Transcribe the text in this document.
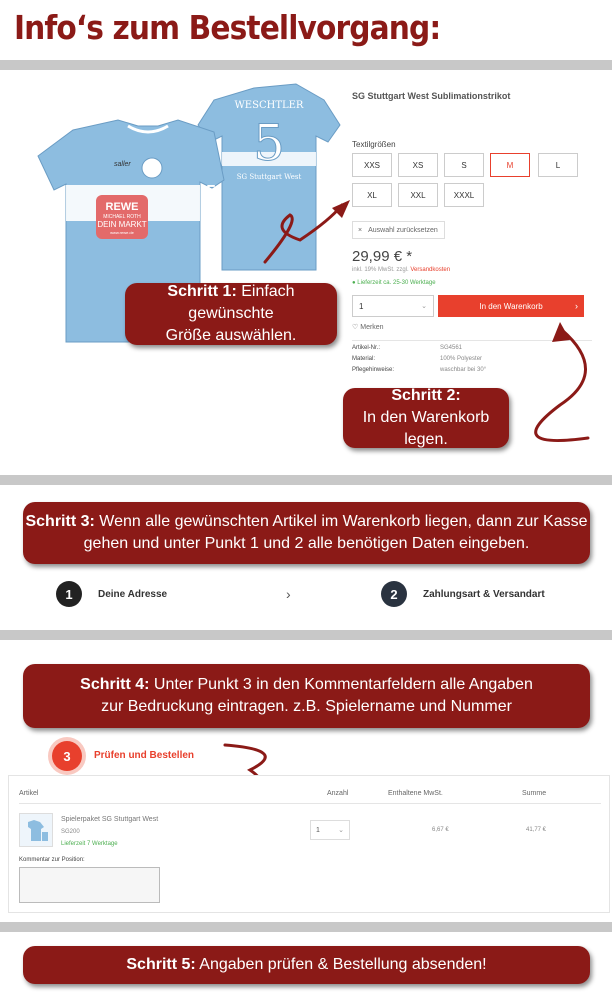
Info‘s zum Bestellvorgang:
WESCHTLER
5
SG Stuttgart West
saller
5
REWE
MICHAEL ROTH
DEIN MARKT
www.rewe.de
SG Stuttgart West Sublimationstrikot
Textilgrößen
XXS	XS	S	M	L
XL	XXL	XXXL
× Auswahl zurücksetzen
29,99 € *
inkl. 19% MwSt. zzgl. Versandkosten
● Lieferzeit ca. 25-30 Werktage
1	⌄	In den Warenkorb	›
♡ Merken
Artikel-Nr.:	SG4561
Material:	100% Polyester
Pflegehinweise:	waschbar bei 30°
Schritt 1: Einfach gewünschte
Größe auswählen.
Schritt 2:
In den Warenkorb legen.
Schritt 3: Wenn alle gewünschten Artikel im Warenkorb liegen, dann zur Kasse
gehen und unter Punkt 1 und 2 alle benötigen Daten eingeben.
1	Deine Adresse	›	2	Zahlungsart & Versandart
Schritt 4: Unter Punkt 3 in den Kommentarfeldern alle Angaben
zur Bedruckung eintragen. z.B. Spielername und Nummer
3	Prüfen und Bestellen
Artikel	Anzahl	Enthaltene MwSt.	Summe
Spielerpaket SG Stuttgart West
SG200
Lieferzeit 7 Werktage
1	⌄	6,67 €	41,77 €
Kommentar zur Position:
Schritt 5: Angaben prüfen & Bestellung absenden!
